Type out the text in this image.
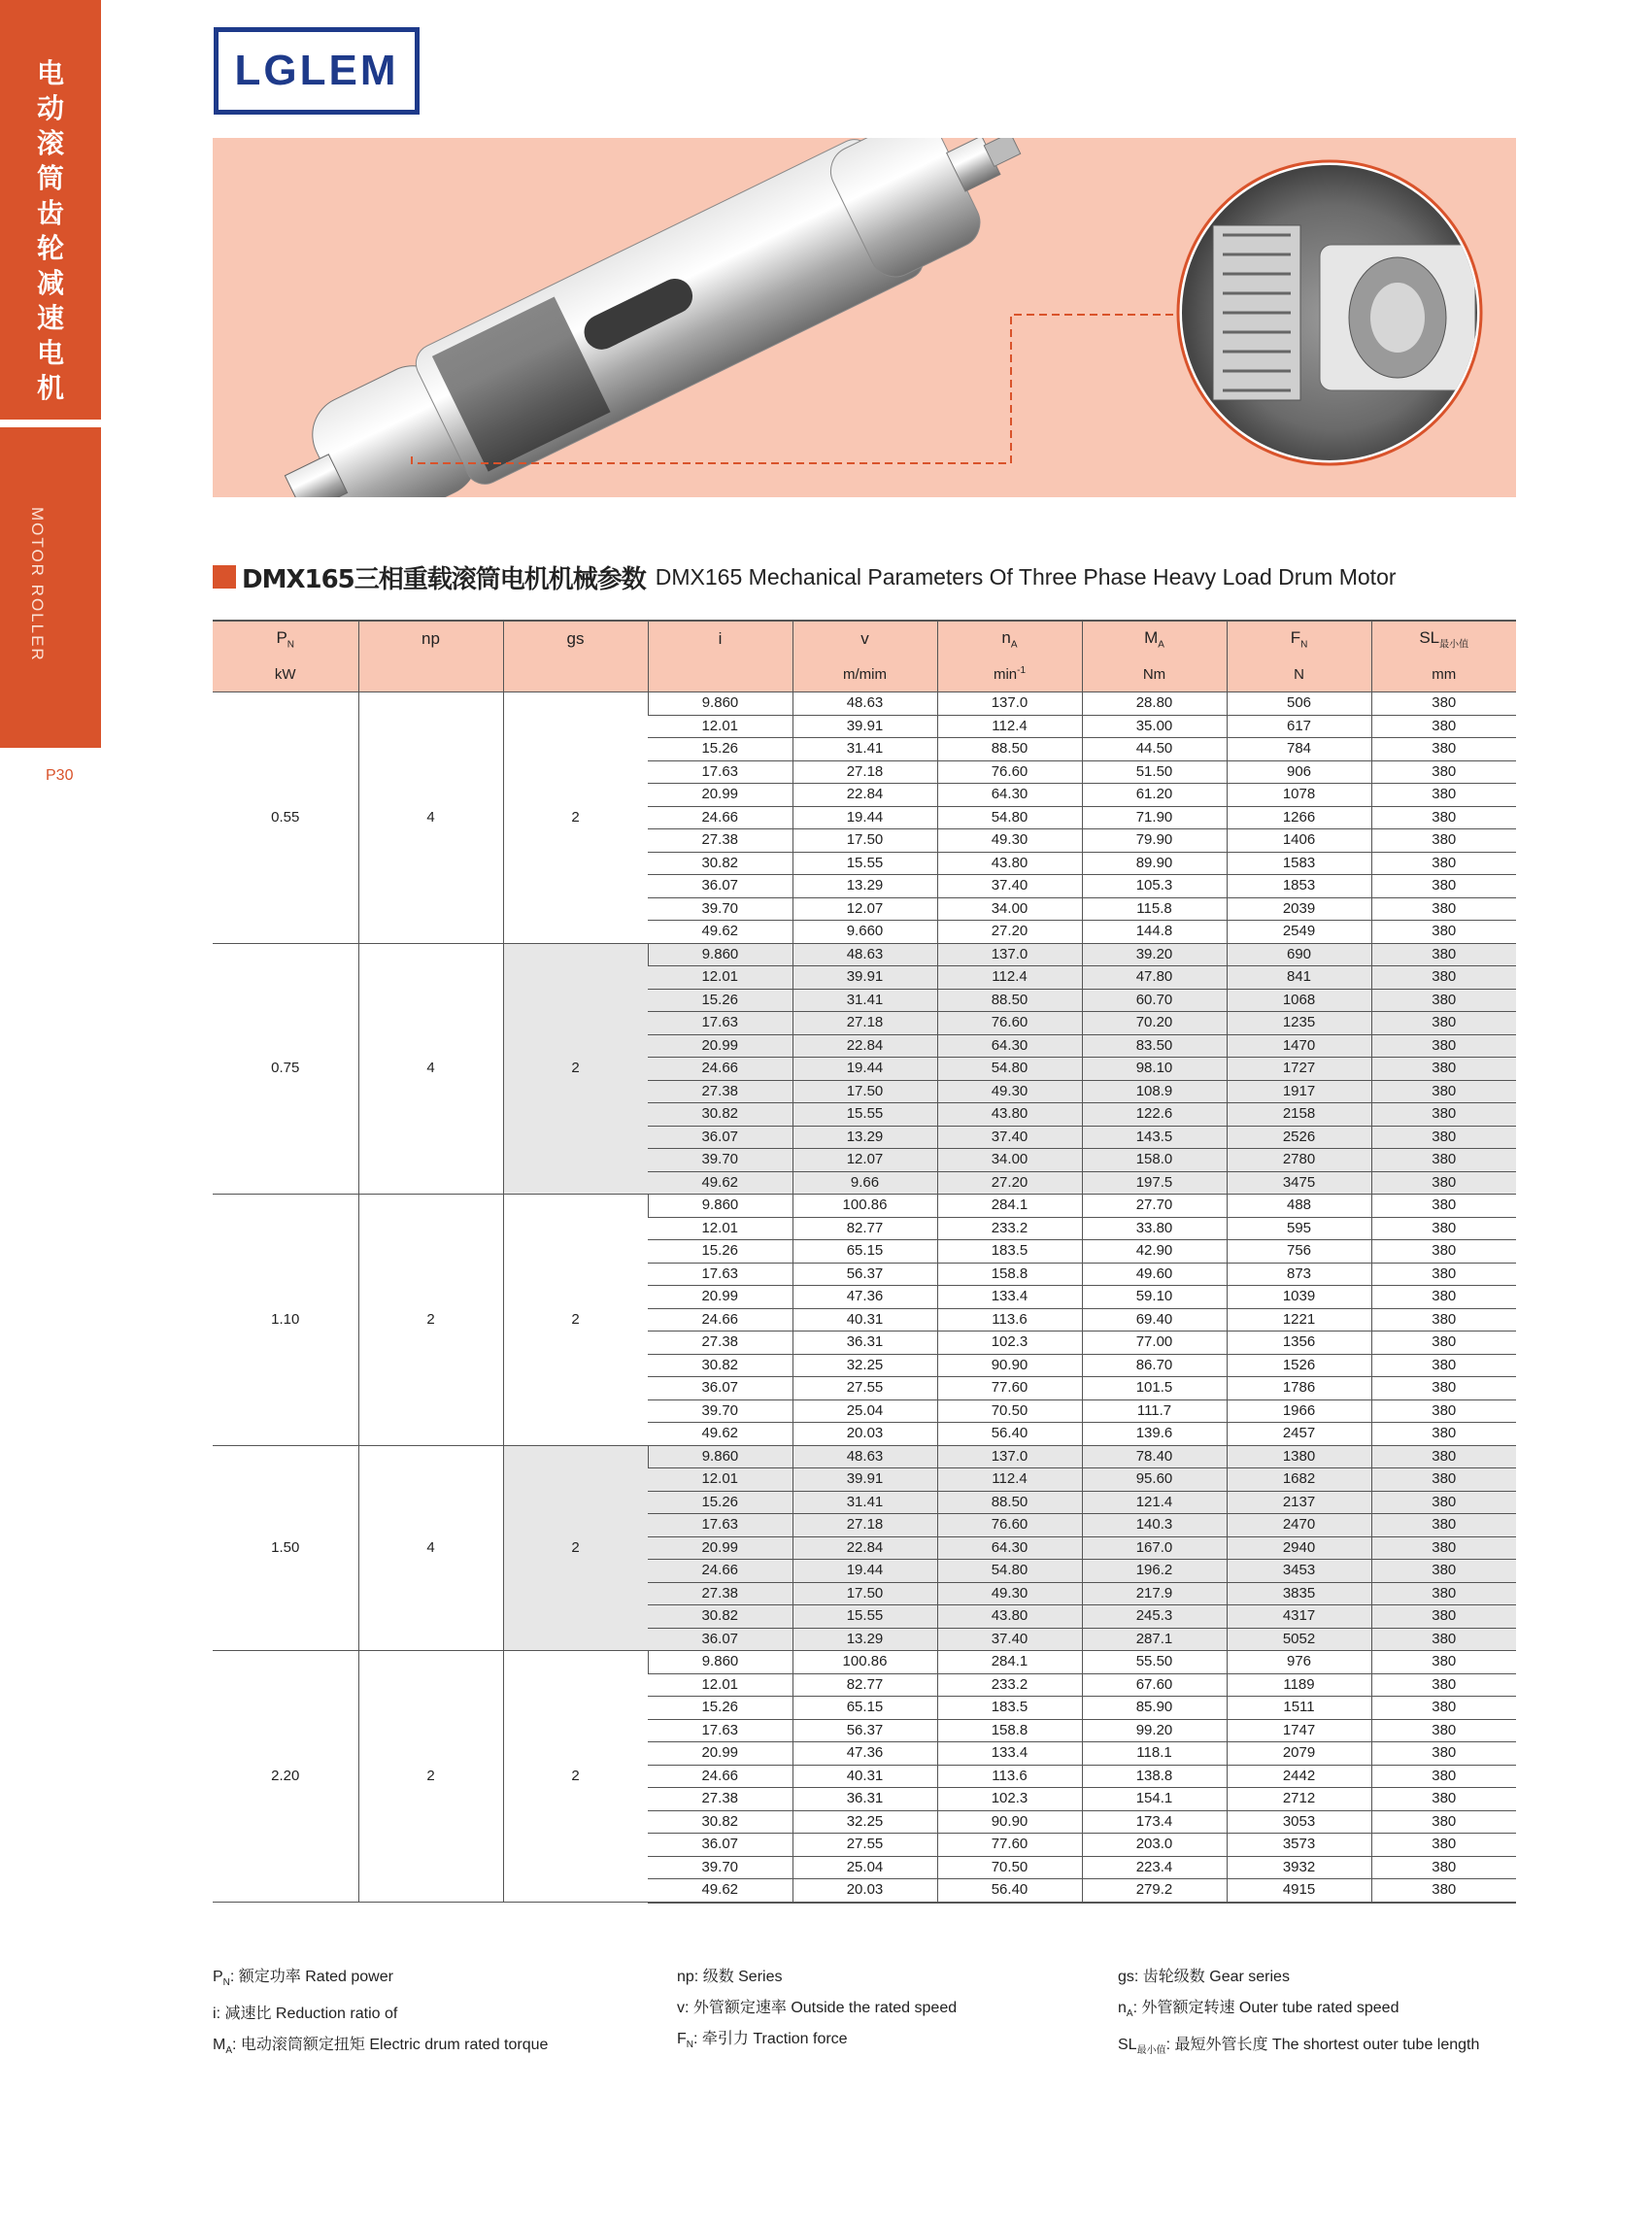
电
动
滚
筒
齿
轮
减
速
电
机
MOTOR ROLLER
P30
LGLEM
DMX165三相重载滚筒电机机械参数 DMX165 Mechanical Parameters Of Three Phase Heavy Load Drum Motor
$P_N$	np	gs	i	v	$n_A$	$M_A$	$F_N$	$SL_{最小值}$
kW				m/mim	$\min^{-1}$	Nm	N	mm
0.55	4	2	9.860	48.63	137.0	28.80	506	380
			12.01	39.91	112.4	35.00	617	380
			15.26	31.41	88.50	44.50	784	380
			17.63	27.18	76.60	51.50	906	380
			20.99	22.84	64.30	61.20	1078	380
			24.66	19.44	54.80	71.90	1266	380
			27.38	17.50	49.30	79.90	1406	380
			30.82	15.55	43.80	89.90	1583	380
			36.07	13.29	37.40	105.3	1853	380
			39.70	12.07	34.00	115.8	2039	380
			49.62	9.660	27.20	144.8	2549	380
0.75	4	2	9.860	48.63	137.0	39.20	690	380
			12.01	39.91	112.4	47.80	841	380
			15.26	31.41	88.50	60.70	1068	380
			17.63	27.18	76.60	70.20	1235	380
			20.99	22.84	64.30	83.50	1470	380
			24.66	19.44	54.80	98.10	1727	380
			27.38	17.50	49.30	108.9	1917	380
			30.82	15.55	43.80	122.6	2158	380
			36.07	13.29	37.40	143.5	2526	380
			39.70	12.07	34.00	158.0	2780	380
			49.62	9.66	27.20	197.5	3475	380
1.10	2	2	9.860	100.86	284.1	27.70	488	380
			12.01	82.77	233.2	33.80	595	380
			15.26	65.15	183.5	42.90	756	380
			17.63	56.37	158.8	49.60	873	380
			20.99	47.36	133.4	59.10	1039	380
			24.66	40.31	113.6	69.40	1221	380
			27.38	36.31	102.3	77.00	1356	380
			30.82	32.25	90.90	86.70	1526	380
			36.07	27.55	77.60	101.5	1786	380
			39.70	25.04	70.50	111.7	1966	380
			49.62	20.03	56.40	139.6	2457	380
1.50	4	2	9.860	48.63	137.0	78.40	1380	380
			12.01	39.91	112.4	95.60	1682	380
			15.26	31.41	88.50	121.4	2137	380
			17.63	27.18	76.60	140.3	2470	380
			20.99	22.84	64.30	167.0	2940	380
			24.66	19.44	54.80	196.2	3453	380
			27.38	17.50	49.30	217.9	3835	380
			30.82	15.55	43.80	245.3	4317	380
			36.07	13.29	37.40	287.1	5052	380
2.20	2	2	9.860	100.86	284.1	55.50	976	380
			12.01	82.77	233.2	67.60	1189	380
			15.26	65.15	183.5	85.90	1511	380
			17.63	56.37	158.8	99.20	1747	380
			20.99	47.36	133.4	118.1	2079	380
			24.66	40.31	113.6	138.8	2442	380
			27.38	36.31	102.3	154.1	2712	380
			30.82	32.25	90.90	173.4	3053	380
			36.07	27.55	77.60	203.0	3573	380
			39.70	25.04	70.50	223.4	3932	380
			49.62	20.03	56.40	279.2	4915	380
$P_N$: 额定功率 Rated power
i: 减速比 Reduction ratio of
$M_A$: 电动滚筒额定扭矩 Electric drum rated torque
np: 级数 Series
v: 外管额定速率 Outside the rated speed
$F_N$: 牵引力 Traction force
gs: 齿轮级数 Gear series
$n_A$: 外管额定转速 Outer tube rated speed
$SL_{最小值}$: 最短外管长度 The shortest outer tube length
